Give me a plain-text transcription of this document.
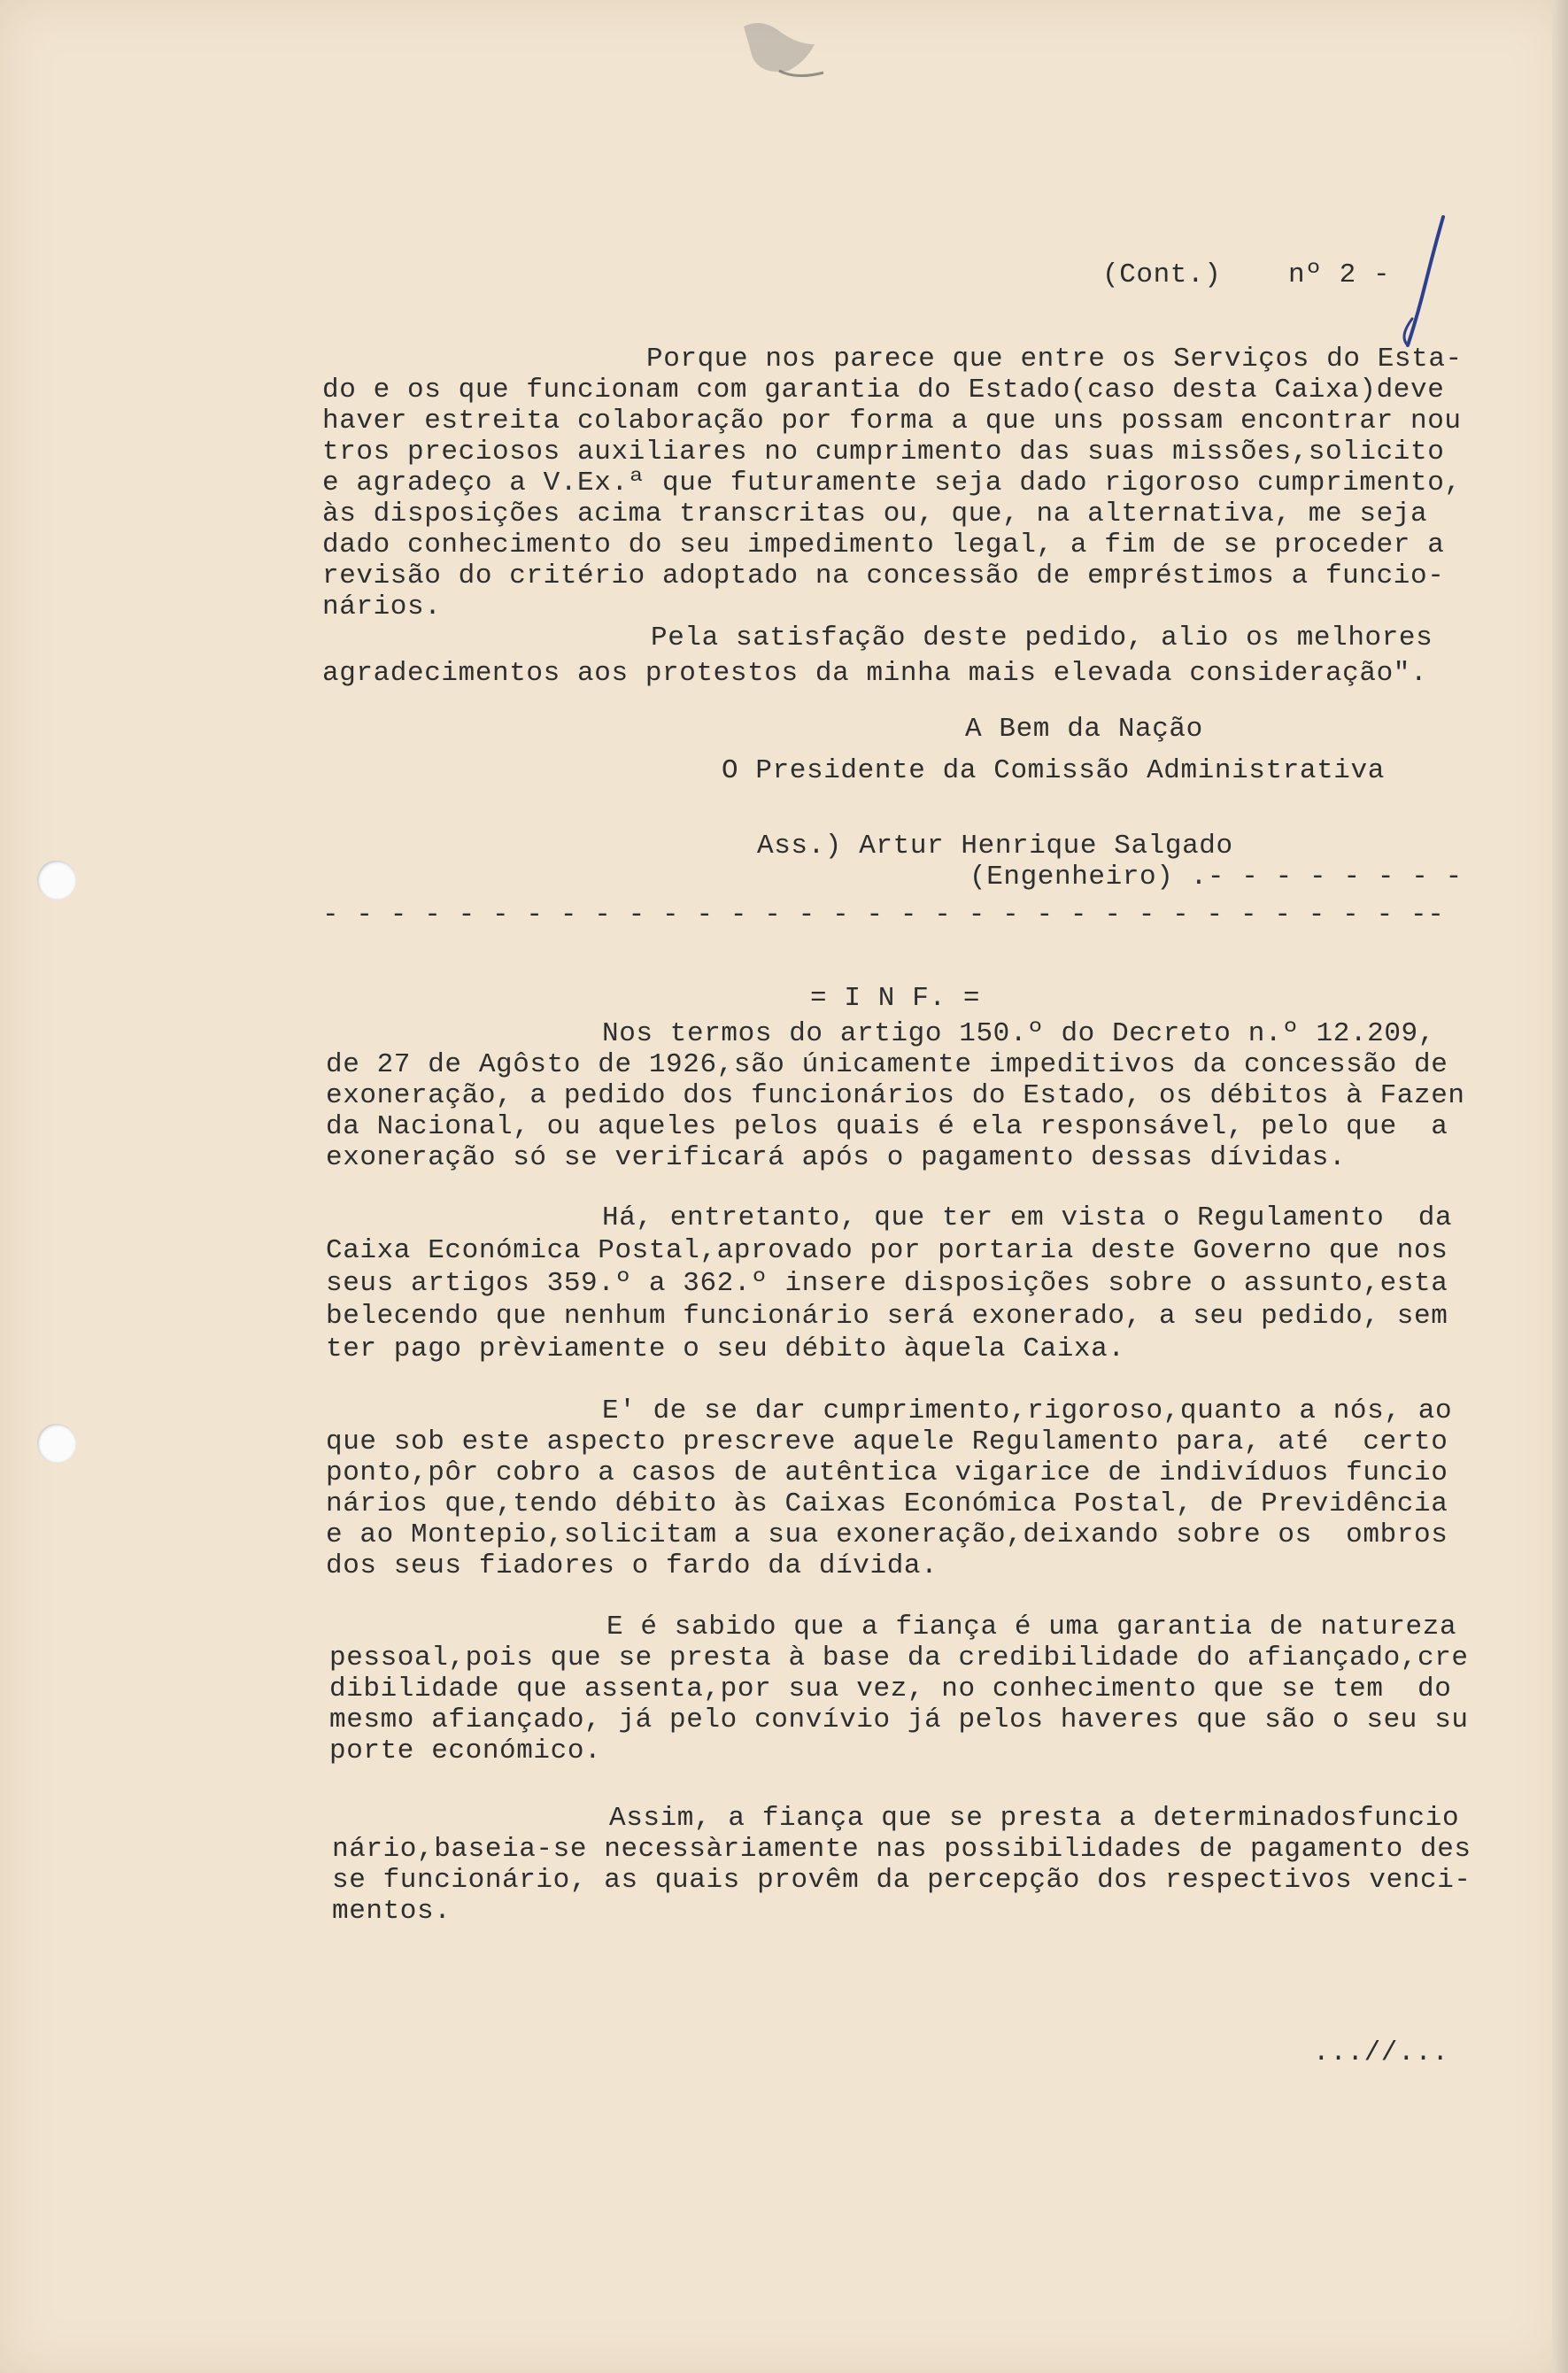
(Cont.) nº 2 -
Porque nos parece que entre os Serviços do Esta-
do e os que funcionam com garantia do Estado(caso desta Caixa)deve
haver estreita colaboração por forma a que uns possam encontrar nou
tros preciosos auxiliares no cumprimento das suas missões,solicito
e agradeço a V.Ex.ª que futuramente seja dado rigoroso cumprimento,
às disposições acima transcritas ou, que, na alternativa, me seja
dado conhecimento do seu impedimento legal, a fim de se proceder a
revisão do critério adoptado na concessão de empréstimos a funcio-
nários.
Pela satisfação deste pedido, alio os melhores
agradecimentos aos protestos da minha mais elevada consideração".
A Bem da Nação
O Presidente da Comissão Administrativa
Ass.) Artur Henrique Salgado
(Engenheiro) .- - - - - - - -
- - - - - - - - - - - - - - - - - - - - - - - - - - - - - - - - --
= I N F. =
Nos termos do artigo 150.º do Decreto n.º 12.209,
de 27 de Agôsto de 1926,são únicamente impeditivos da concessão de
exoneração, a pedido dos funcionários do Estado, os débitos à Fazen
da Nacional, ou aqueles pelos quais é ela responsável, pelo que  a
exoneração só se verificará após o pagamento dessas dívidas.
Há, entretanto, que ter em vista o Regulamento  da
Caixa Económica Postal,aprovado por portaria deste Governo que nos
seus artigos 359.º a 362.º insere disposições sobre o assunto,esta
belecendo que nenhum funcionário será exonerado, a seu pedido, sem
ter pago prèviamente o seu débito àquela Caixa.
E' de se dar cumprimento,rigoroso,quanto a nós, ao
que sob este aspecto prescreve aquele Regulamento para, até  certo
ponto,pôr cobro a casos de autêntica vigarice de indivíduos funcio
nários que,tendo débito às Caixas Económica Postal, de Previdência
e ao Montepio,solicitam a sua exoneração,deixando sobre os  ombros
dos seus fiadores o fardo da dívida.
E é sabido que a fiança é uma garantia de natureza
pessoal,pois que se presta à base da credibilidade do afiançado,cre
dibilidade que assenta,por sua vez, no conhecimento que se tem  do
mesmo afiançado, já pelo convívio já pelos haveres que são o seu su
porte económico.
Assim, a fiança que se presta a determinadosfuncio
nário,baseia-se necessàriamente nas possibilidades de pagamento des
se funcionário, as quais provêm da percepção dos respectivos venci-
mentos.
...//...
